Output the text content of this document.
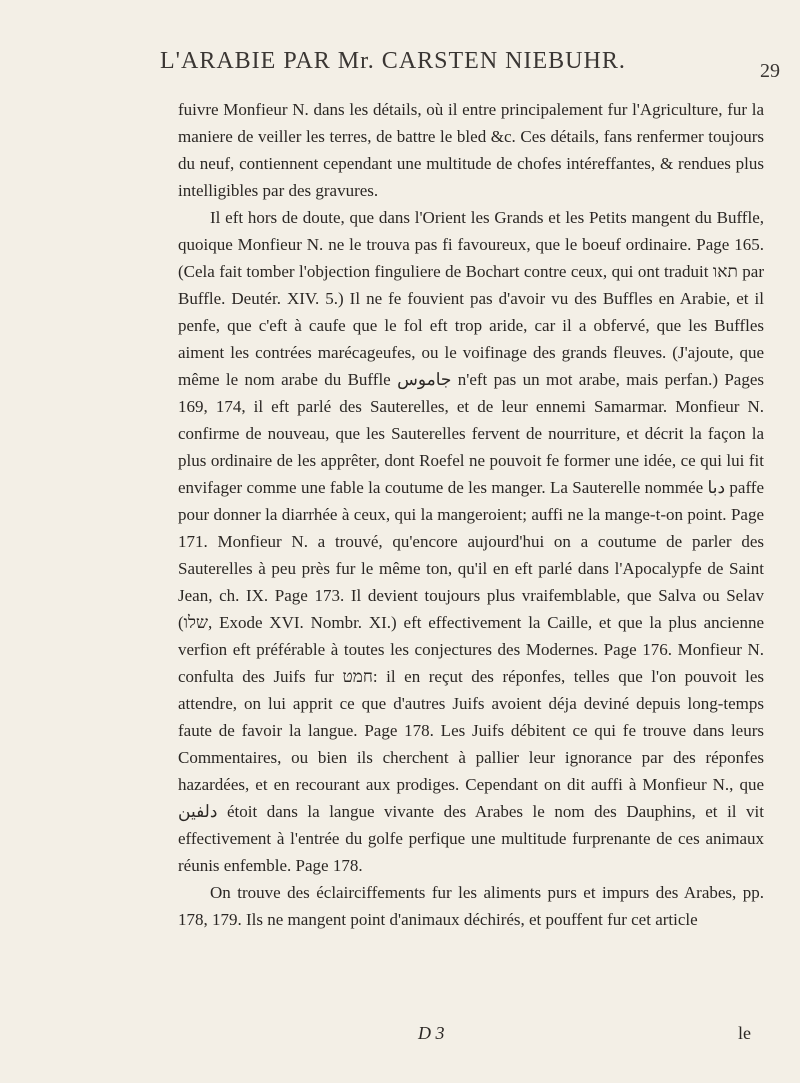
L'ARABIE PAR Mr. CARSTEN NIEBUHR.	29

fuivre Monfieur N. dans les détails, où il entre principalement fur l'Agriculture, fur la maniere de veiller les terres, de battre le bled &c. Ces détails, fans renfermer toujours du neuf, contiennent cependant une multitude de chofes intéreffantes, & rendues plus intelligibles par des gravures.

Il eft hors de doute, que dans l'Orient les Grands et les Petits mangent du Buffle, quoique Monfieur N. ne le trouva pas fi favoureux, que le boeuf ordinaire. Page 165. (Cela fait tomber l'objection finguliere de Bochart contre ceux, qui ont traduit תאו par Buffle. Deutér. XIV. 5.) Il ne fe fouvient pas d'avoir vu des Buffles en Arabie, et il penfe, que c'eft à caufe que le fol eft trop aride, car il a obfervé, que les Buffles aiment les contrées marécageufes, ou le voifinage des grands fleuves. (J'ajoute, que même le nom arabe du Buffle جاموس n'eft pas un mot arabe, mais perfan.) Pages 169, 174, il eft parlé des Sauterelles, et de leur ennemi Samarmar. Monfieur N. confirme de nouveau, que les Sauterelles fervent de nourriture, et décrit la façon la plus ordinaire de les apprêter, dont Roefel ne pouvoit fe former une idée, ce qui lui fit envifager comme une fable la coutume de les manger. La Sauterelle nommée دبا paffe pour donner la diarrhée à ceux, qui la mangeroient; auffi ne la mange-t-on point. Page 171. Monfieur N. a trouvé, qu'encore aujourd'hui on a coutume de parler des Sauterelles à peu près fur le même ton, qu'il en eft parlé dans l'Apocalypfe de Saint Jean, ch. IX. Page 173. Il devient toujours plus vraifemblable, que Salva ou Selav (שלו, Exode XVI. Nombr. XI.) eft effectivement la Caille, et que la plus ancienne verfion eft préférable à toutes les conjectures des Modernes. Page 176. Monfieur N. confulta des Juifs fur חמט: il en reçut des réponfes, telles que l'on pouvoit les attendre, on lui apprit ce que d'autres Juifs avoient déja deviné depuis long-temps faute de favoir la langue. Page 178. Les Juifs débitent ce qui fe trouve dans leurs Commentaires, ou bien ils cherchent à pallier leur ignorance par des réponfes hazardées, et en recourant aux prodiges. Cependant on dit auffi à Monfieur N., que دلفين étoit dans la langue vivante des Arabes le nom des Dauphins, et il vit effectivement à l'entrée du golfe perfique une multitude furprenante de ces animaux réunis enfemble. Page 178.

On trouve des éclairciffements fur les aliments purs et impurs des Arabes, pp. 178, 179. Ils ne mangent point d'animaux déchirés, et pouffent fur cet article

D 3	le
